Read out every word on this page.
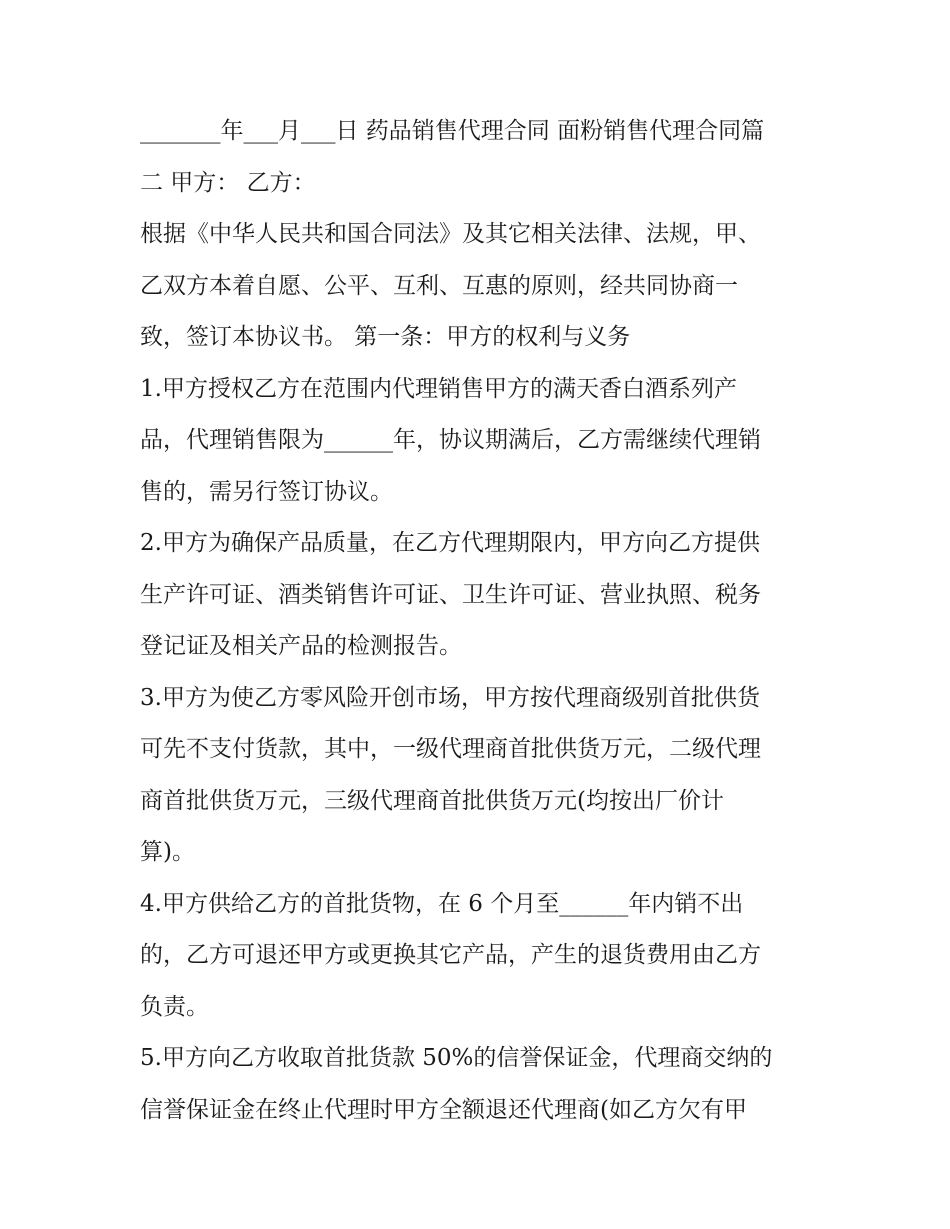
_______年___月___日 药品销售代理合同 面粉销售代理合同篇
二 甲方： 乙方：
根据《中华人民共和国合同法》及其它相关法律、法规，甲、
乙双方本着自愿、公平、互利、互惠的原则，经共同协商一
致，签订本协议书。 第一条：甲方的权利与义务
1.甲方授权乙方在范围内代理销售甲方的满天香白酒系列产
品，代理销售限为______年，协议期满后，乙方需继续代理销
售的，需另行签订协议。
2.甲方为确保产品质量，在乙方代理期限内，甲方向乙方提供
生产许可证、酒类销售许可证、卫生许可证、营业执照、税务
登记证及相关产品的检测报告。
3.甲方为使乙方零风险开创市场，甲方按代理商级别首批供货
可先不支付货款，其中，一级代理商首批供货万元，二级代理
商首批供货万元，三级代理商首批供货万元(均按出厂价计
算)。
4.甲方供给乙方的首批货物，在 6 个月至______年内销不出
的，乙方可退还甲方或更换其它产品，产生的退货费用由乙方
负责。
5.甲方向乙方收取首批货款 50%的信誉保证金，代理商交纳的
信誉保证金在终止代理时甲方全额退还代理商(如乙方欠有甲
